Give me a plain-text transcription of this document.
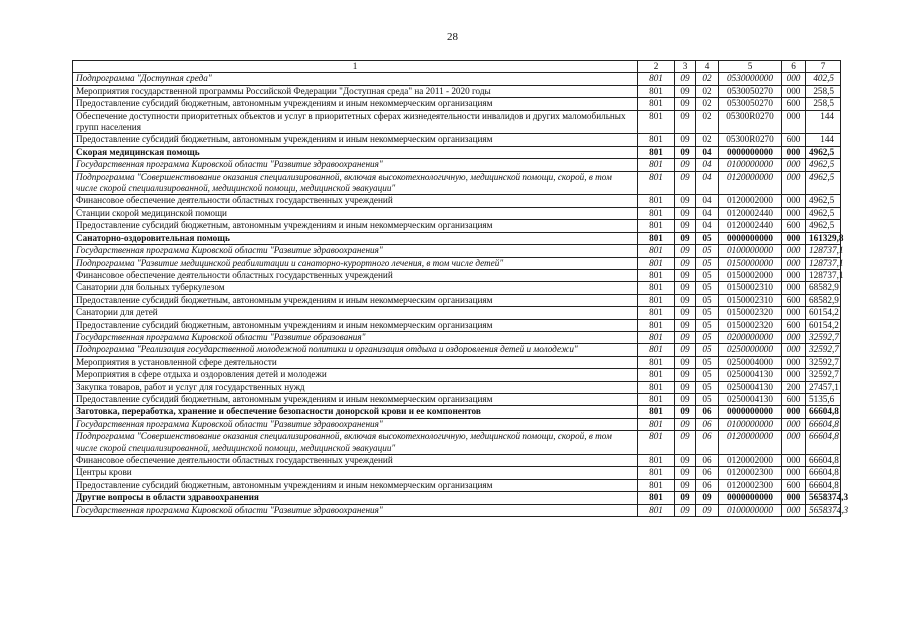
28
1	2	3	4	5	6	7
Подпрограмма "Доступная среда"	801	09	02	0530000000	000	402,5
Мероприятия государственной программы Российской Федерации "Доступная среда" на 2011 - 2020 годы	801	09	02	0530050270	000	258,5
Предоставление субсидий бюджетным, автономным учреждениям и иным некоммерческим организациям	801	09	02	0530050270	600	258,5
Обеспечение доступности приоритетных объектов и услуг в приоритетных сферах жизнедеятельности инвалидов и других маломобильных групп населения	801	09	02	05300R0270	000	144
Предоставление субсидий бюджетным, автономным учреждениям и иным некоммерческим организациям	801	09	02	05300R0270	600	144
Скорая медицинская помощь	801	09	04	0000000000	000	4962,5
Государственная программа Кировской области "Развитие здравоохранения"	801	09	04	0100000000	000	4962,5
Подпрограмма "Совершенствование оказания специализированной, включая высокотехнологичную, медицинской помощи, скорой, в том числе скорой специализированной, медицинской помощи, медицинской эвакуации"	801	09	04	0120000000	000	4962,5
Финансовое обеспечение деятельности областных государственных учреждений	801	09	04	0120002000	000	4962,5
Станции скорой медицинской помощи	801	09	04	0120002440	000	4962,5
Предоставление субсидий бюджетным, автономным учреждениям и иным некоммерческим организациям	801	09	04	0120002440	600	4962,5
Санаторно-оздоровительная помощь	801	09	05	0000000000	000	161329,8
Государственная программа Кировской области "Развитие здравоохранения"	801	09	05	0100000000	000	128737,1
Подпрограмма "Развитие медицинской реабилитации и санаторно-курортного лечения, в том числе детей"	801	09	05	0150000000	000	128737,1
Финансовое обеспечение деятельности областных государственных учреждений	801	09	05	0150002000	000	128737,1
Санатории для больных туберкулезом	801	09	05	0150002310	000	68582,9
Предоставление субсидий бюджетным, автономным учреждениям и иным некоммерческим организациям	801	09	05	0150002310	600	68582,9
Санатории для детей	801	09	05	0150002320	000	60154,2
Предоставление субсидий бюджетным, автономным учреждениям и иным некоммерческим организациям	801	09	05	0150002320	600	60154,2
Государственная программа Кировской области "Развитие образования"	801	09	05	0200000000	000	32592,7
Подпрограмма "Реализация государственной молодежной политики и организация отдыха и оздоровления детей и молодежи"	801	09	05	0250000000	000	32592,7
Мероприятия в установленной сфере деятельности	801	09	05	0250004000	000	32592,7
Мероприятия в сфере отдыха и оздоровления детей и молодежи	801	09	05	0250004130	000	32592,7
Закупка товаров, работ и услуг для государственных нужд	801	09	05	0250004130	200	27457,1
Предоставление субсидий бюджетным, автономным учреждениям и иным некоммерческим организациям	801	09	05	0250004130	600	5135,6
Заготовка, переработка, хранение и обеспечение безопасности донорской крови и ее компонентов	801	09	06	0000000000	000	66604,8
Государственная программа Кировской области "Развитие здравоохранения"	801	09	06	0100000000	000	66604,8
Подпрограмма "Совершенствование оказания специализированной, включая высокотехнологичную, медицинской помощи, скорой, в том числе скорой специализированной, медицинской помощи, медицинской эвакуации"	801	09	06	0120000000	000	66604,8
Финансовое обеспечение деятельности областных государственных учреждений	801	09	06	0120002000	000	66604,8
Центры крови	801	09	06	0120002300	000	66604,8
Предоставление субсидий бюджетным, автономным учреждениям и иным некоммерческим организациям	801	09	06	0120002300	600	66604,8
Другие вопросы в области здравоохранения	801	09	09	0000000000	000	5658374,3
Государственная программа Кировской области "Развитие здравоохранения"	801	09	09	0100000000	000	5658374,3
